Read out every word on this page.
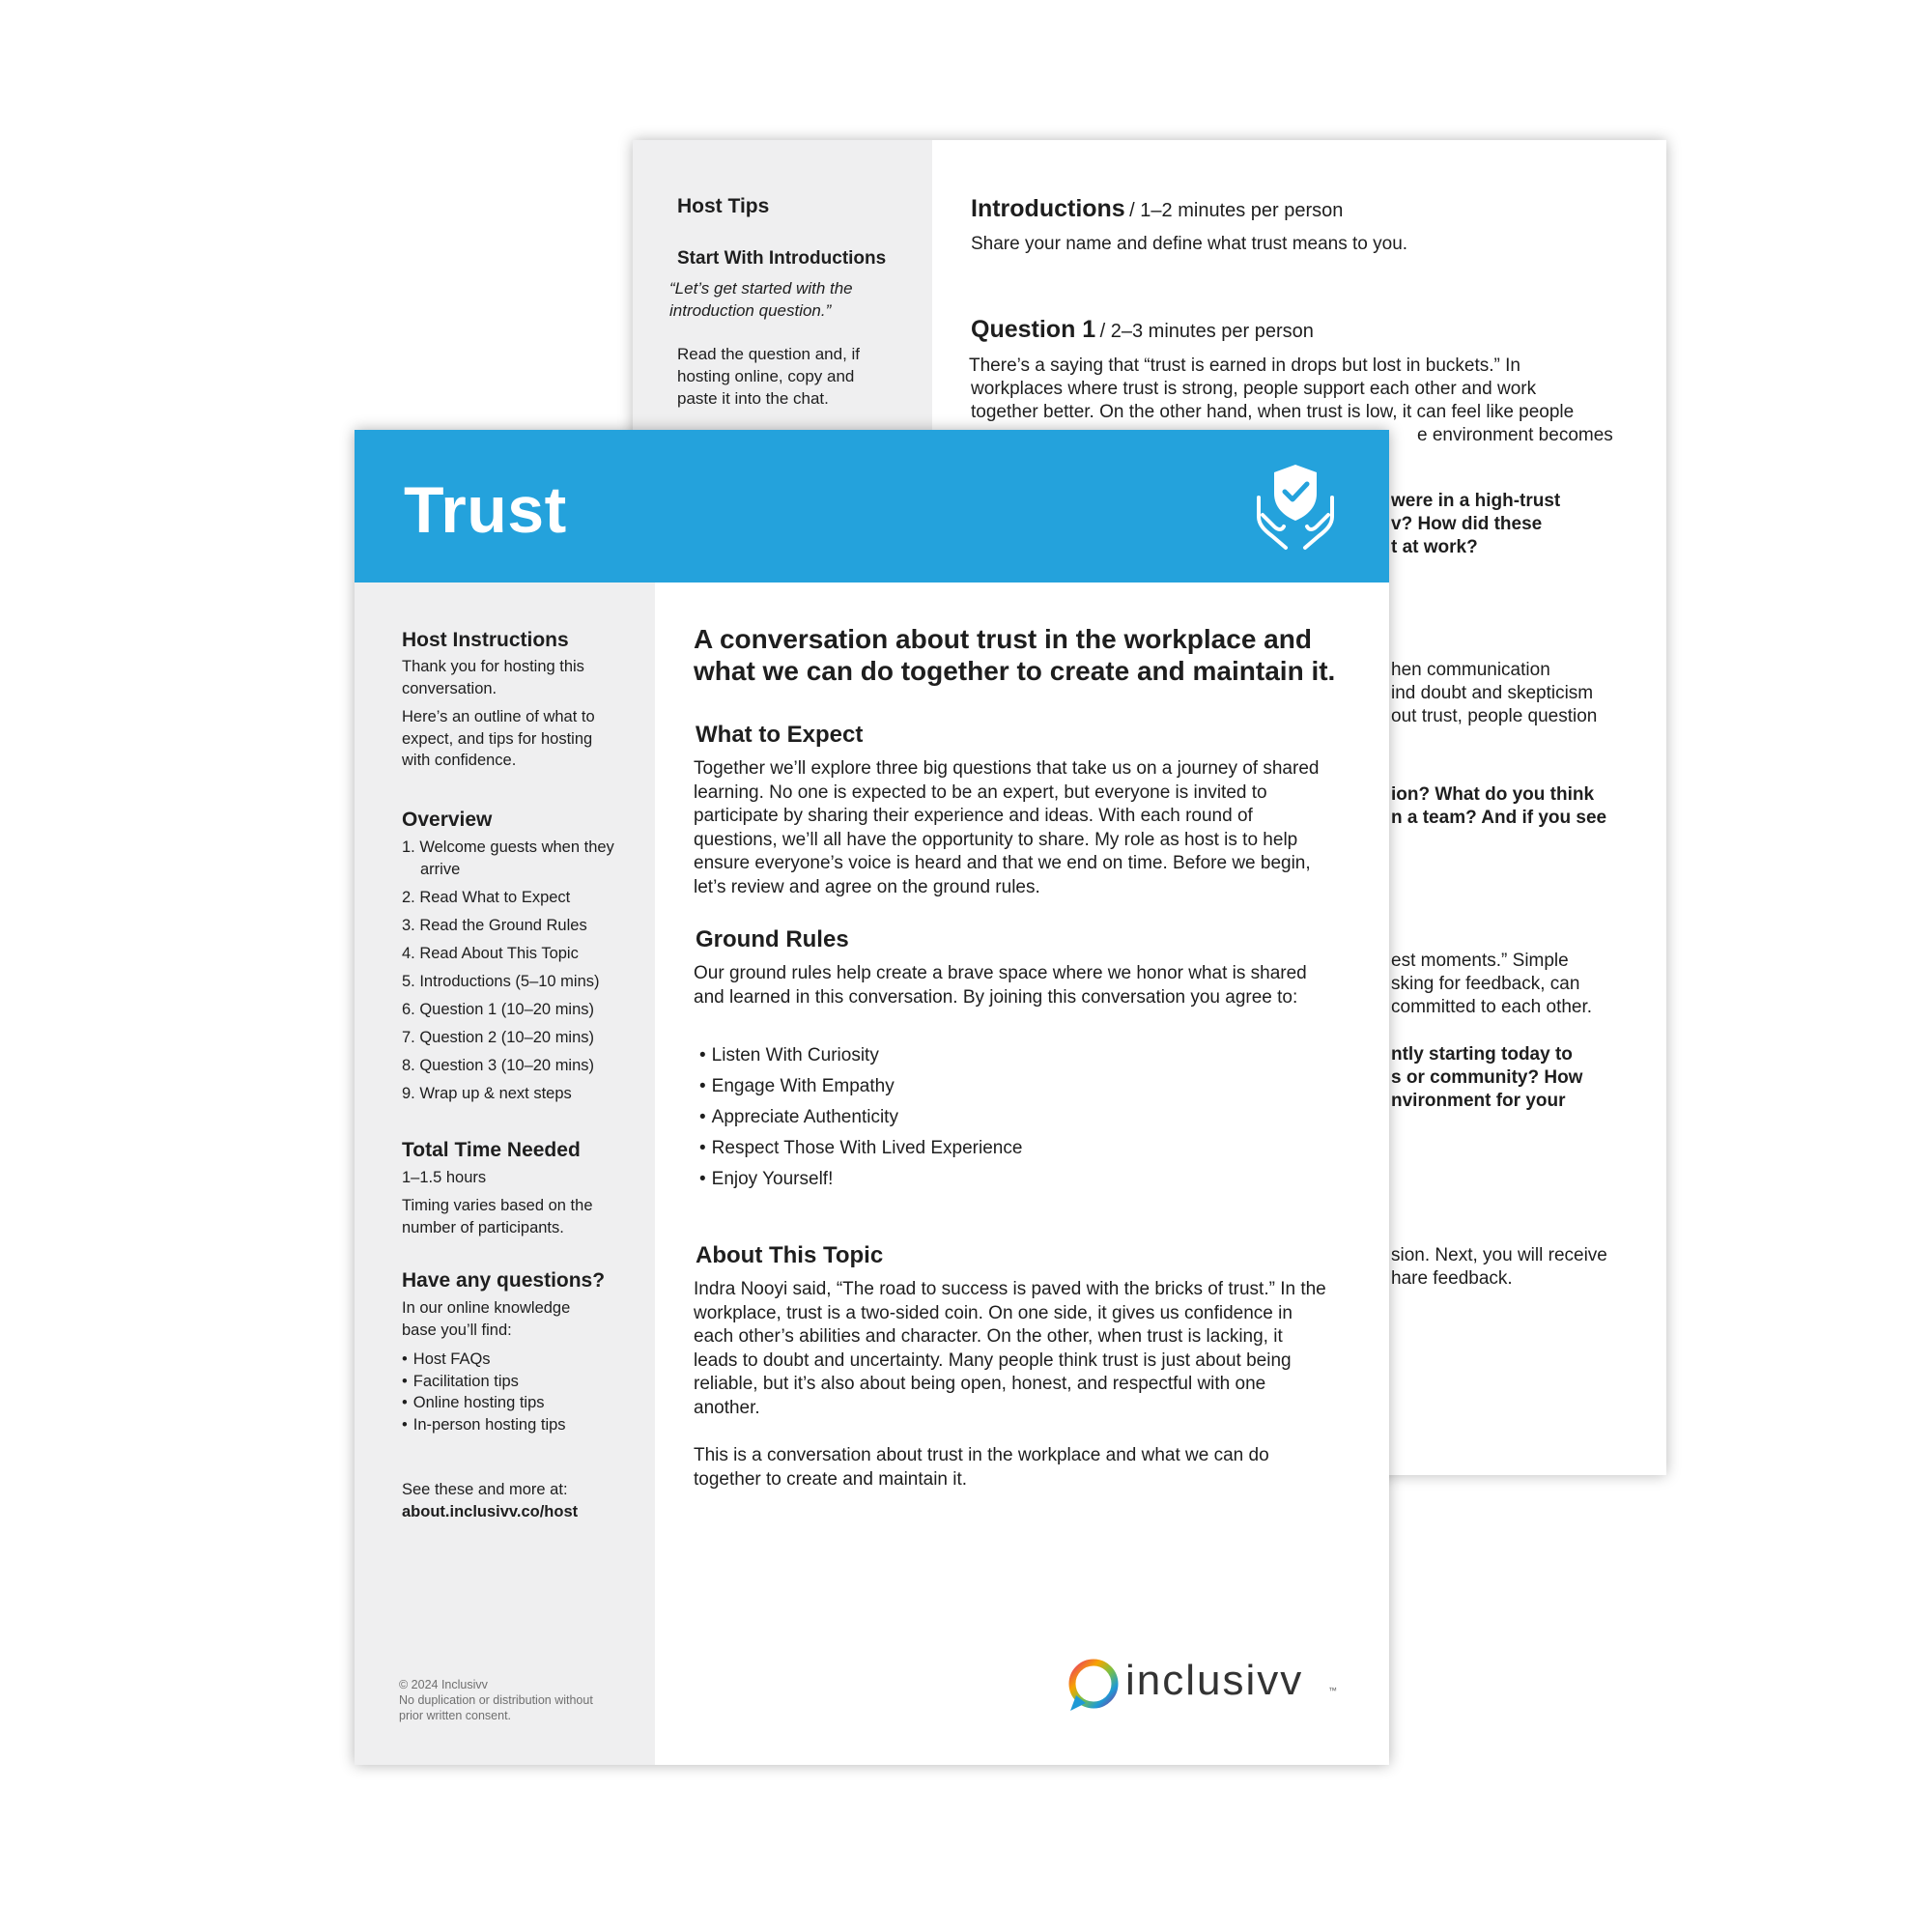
Host Tips
Start With Introductions
“Let’s get started with the introduction question.”
Read the question and, if hosting online, copy and paste it into the chat.
Introductions / 1–2 minutes per person

Share your name and define what trust means to you.

Question 1 / 2–3 minutes per person

There’s a saying that “trust is earned in drops but lost in buckets.” In

workplaces where trust is strong, people support each other and work

together better. On the other hand, when trust is low, it can feel like people

e environment becomes

were in a high-trust

v? How did these

t at work?

hen communication

ind doubt and skepticism

out trust, people question

ion? What do you think

n a team? And if you see

est moments.” Simple

sking for feedback, can

committed to each other.

ntly starting today to

s or community? How

nvironment for your

sion. Next, you will receive

hare feedback.

Trust
Host Instructions

Thank you for hosting this conversation.

Here’s an outline of what to expect, and tips for hosting with confidence.

Overview
1. Welcome guests when they arrive
2. Read What to Expect
3. Read the Ground Rules
4. Read About This Topic
5. Introductions (5–10 mins)
6. Question 1 (10–20 mins)
7. Question 2 (10–20 mins)
8. Question 3 (10–20 mins)
9. Wrap up & next steps
Total Time Needed

1–1.5 hours

Timing varies based on the number of participants.

Have any questions?

In our online knowledge base you’ll find:

• Host FAQs
• Facilitation tips
• Online hosting tips
• In-person hosting tips

See these and more at:

about.inclusivv.co/host

© 2024 Inclusivv
No duplication or distribution without prior written consent.
A conversation about trust in the workplace and what we can do together to create and maintain it.
What to Expect

Together we’ll explore three big questions that take us on a journey of shared learning. No one is expected to be an expert, but everyone is invited to participate by sharing their experience and ideas. With each round of questions, we’ll all have the opportunity to share. My role as host is to help ensure everyone’s voice is heard and that we end on time. Before we begin, let’s review and agree on the ground rules.

Ground Rules

Our ground rules help create a brave space where we honor what is shared and learned in this conversation. By joining this conversation you agree to:

• Listen With Curiosity
• Engage With Empathy
• Appreciate Authenticity
• Respect Those With Lived Experience
• Enjoy Yourself!
About This Topic

Indra Nooyi said, “The road to success is paved with the bricks of trust.” In the workplace, trust is a two-sided coin. On one side, it gives us confidence in each other’s abilities and character. On the other, when trust is lacking, it leads to doubt and uncertainty. Many people think trust is just about being reliable, but it’s also about being open, honest, and respectful with one another.

This is a conversation about trust in the workplace and what we can do together to create and maintain it.

inclusivv	™
